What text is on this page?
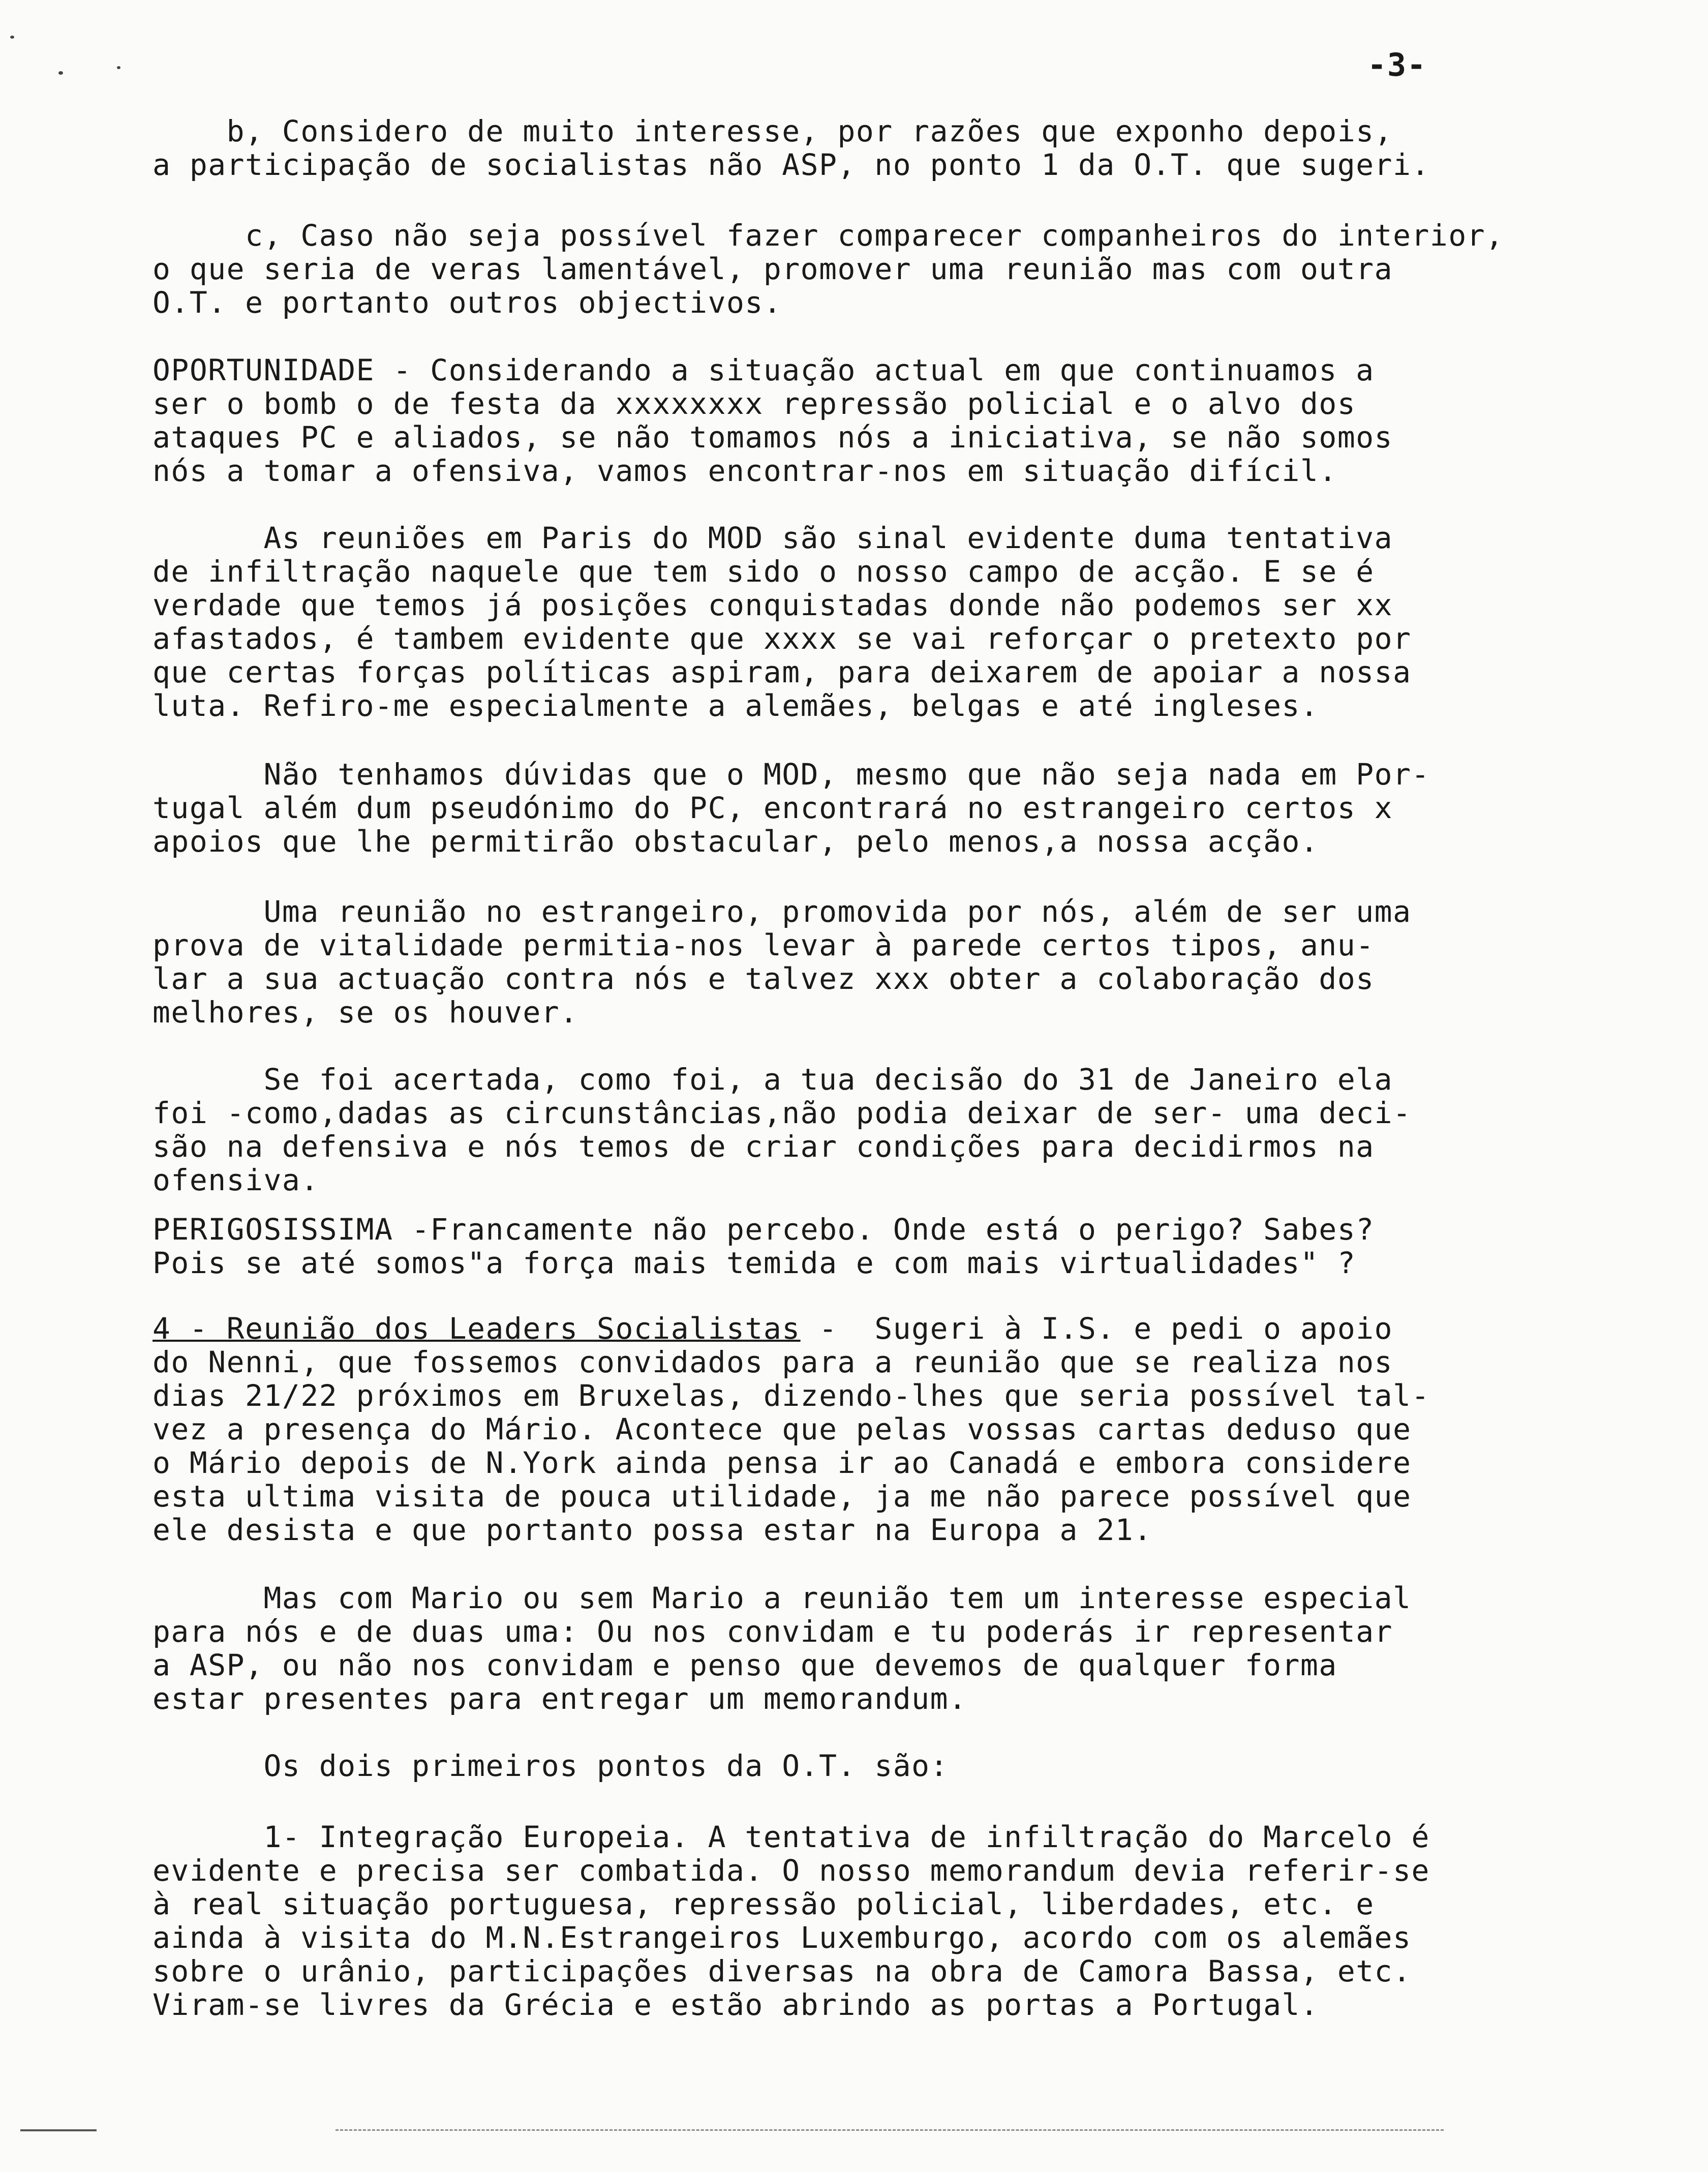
-3-
b, Considero de muito interesse, por razões que exponho depois,
a participação de socialistas não ASP, no ponto 1 da O.T. que sugeri.
c, Caso não seja possível fazer comparecer companheiros do interior,
o que seria de veras lamentável, promover uma reunião mas com outra
O.T. e portanto outros objectivos.
OPORTUNIDADE - Considerando a situação actual em que continuamos a
ser o bomb o de festa da xxxxxxxx repressão policial e o alvo dos
ataques PC e aliados, se não tomamos nós a iniciativa, se não somos
nós a tomar a ofensiva, vamos encontrar-nos em situação difícil.
As reuniões em Paris do MOD são sinal evidente duma tentativa
de infiltração naquele que tem sido o nosso campo de acção. E se é
verdade que temos já posições conquistadas donde não podemos ser xx
afastados, é tambem evidente que xxxx se vai reforçar o pretexto por
que certas forças políticas aspiram, para deixarem de apoiar a nossa
luta. Refiro-me especialmente a alemães, belgas e até ingleses.
Não tenhamos dúvidas que o MOD, mesmo que não seja nada em Por-
tugal além dum pseudónimo do PC, encontrará no estrangeiro certos x
apoios que lhe permitirão obstacular, pelo menos,a nossa acção.
Uma reunião no estrangeiro, promovida por nós, além de ser uma
prova de vitalidade permitia-nos levar à parede certos tipos, anu-
lar a sua actuação contra nós e talvez xxx obter a colaboração dos
melhores, se os houver.
Se foi acertada, como foi, a tua decisão do 31 de Janeiro ela
foi -como,dadas as circunstâncias,não podia deixar de ser- uma deci-
são na defensiva e nós temos de criar condições para decidirmos na
ofensiva.
PERIGOSISSIMA -Francamente não percebo. Onde está o perigo? Sabes?
Pois se até somos"a força mais temida e com mais virtualidades" ?
4 - Reunião dos Leaders Socialistas -  Sugeri à I.S. e pedi o apoio
do Nenni, que fossemos convidados para a reunião que se realiza nos
dias 21/22 próximos em Bruxelas, dizendo-lhes que seria possível tal-
vez a presença do Mário. Acontece que pelas vossas cartas deduso que
o Mário depois de N.York ainda pensa ir ao Canadá e embora considere
esta ultima visita de pouca utilidade, ja me não parece possível que
ele desista e que portanto possa estar na Europa a 21.
Mas com Mario ou sem Mario a reunião tem um interesse especial
para nós e de duas uma: Ou nos convidam e tu poderás ir representar
a ASP, ou não nos convidam e penso que devemos de qualquer forma
estar presentes para entregar um memorandum.
Os dois primeiros pontos da O.T. são:
1- Integração Europeia. A tentativa de infiltração do Marcelo é
evidente e precisa ser combatida. O nosso memorandum devia referir-se
à real situação portuguesa, repressão policial, liberdades, etc. e
ainda à visita do M.N.Estrangeiros Luxemburgo, acordo com os alemães
sobre o urânio, participações diversas na obra de Camora Bassa, etc.
Viram-se livres da Grécia e estão abrindo as portas a Portugal.
